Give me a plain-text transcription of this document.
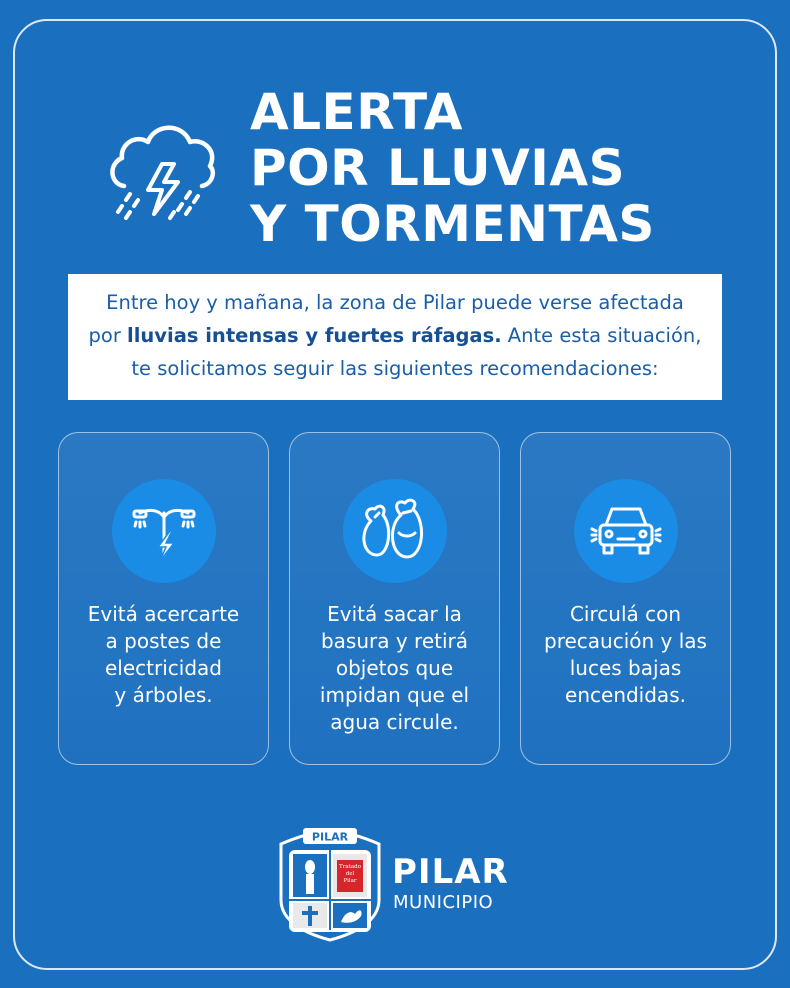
ALERTA
POR LLUVIAS
Y TORMENTAS
Entre hoy y mañana, la zona de Pilar puede verse afectada
por lluvias intensas y fuertes ráfagas. Ante esta situación,
te solicitamos seguir las siguientes recomendaciones:
Evitá acercarte
a postes de
electricidad
y árboles.
Evitá sacar la
basura y retirá
objetos que
impidan que el
agua circule.
Circulá con
precaución y las
luces bajas
encendidas.
PILAR
Tratado
del
Pilar PILAR
MUNICIPIO
